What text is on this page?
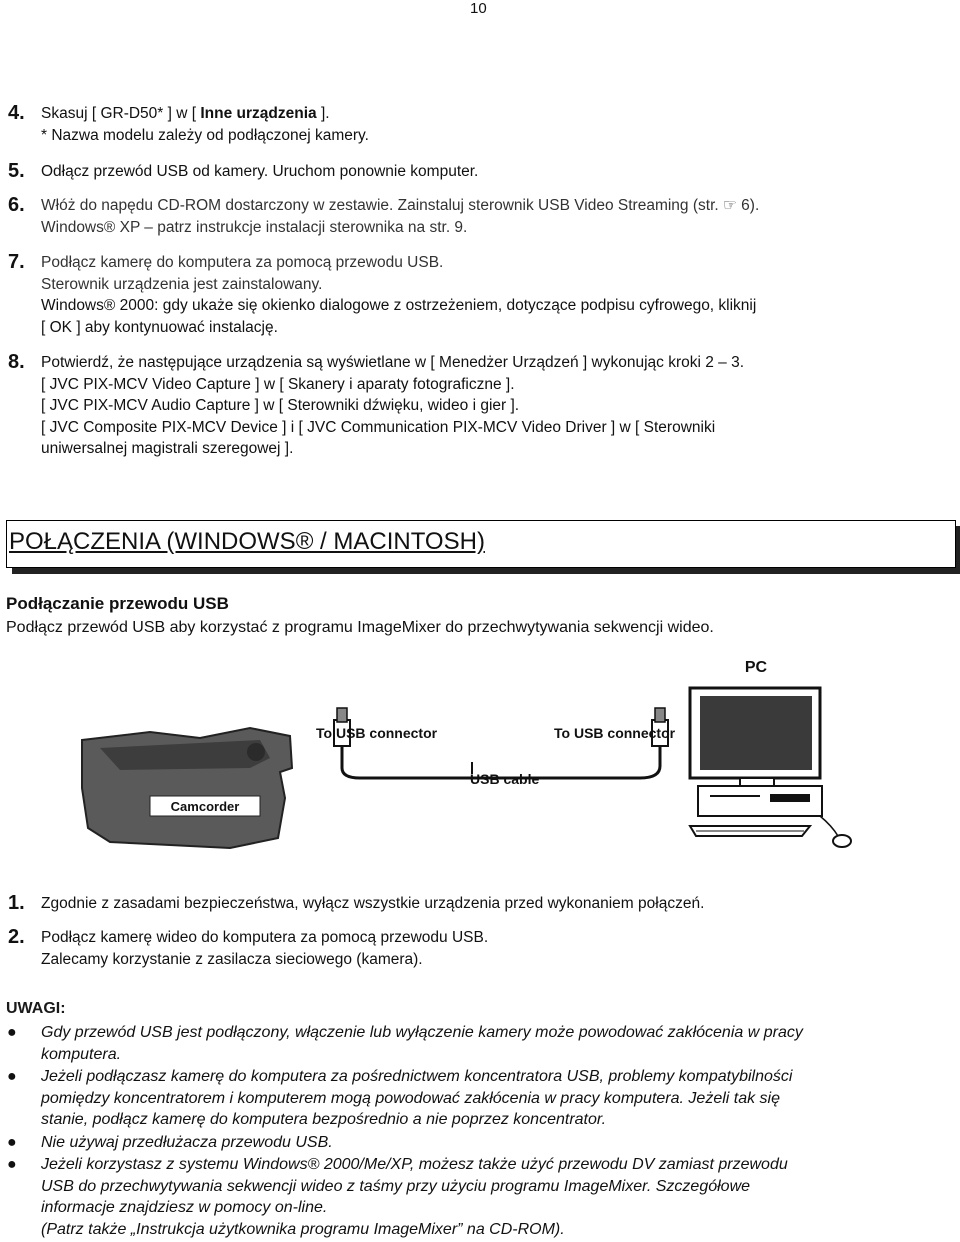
10
4. Skasuj [ GR-D50* ] w [ Inne urządzenia ].
* Nazwa modelu zależy od podłączonej kamery.
5. Odłącz przewód USB od kamery. Uruchom ponownie komputer.
6. Włóż do napędu CD-ROM dostarczony w zestawie. Zainstaluj sterownik USB Video Streaming (str. ☞ 6).
Windows® XP – patrz instrukcje instalacji sterownika na str. 9.
7. Podłącz kamerę do komputera za pomocą przewodu USB.
Sterownik urządzenia jest zainstalowany.
Windows® 2000: gdy ukaże się okienko dialogowe z ostrzeżeniem, dotyczące podpisu cyfrowego, kliknij
[ OK ] aby kontynuować instalację.
8. Potwierdź, że następujące urządzenia są wyświetlane w [ Menedżer Urządzeń ] wykonując kroki 2 – 3.
[ JVC PIX-MCV Video Capture ] w [ Skanery i aparaty fotograficzne ].
[ JVC PIX-MCV Audio Capture ] w [ Sterowniki dźwięku, wideo i gier ].
[ JVC Composite PIX-MCV Device ] i [ JVC Communication PIX-MCV Video Driver ] w [ Sterowniki
uniwersalnej magistrali szeregowej ].
POŁĄCZENIA (WINDOWS® / MACINTOSH)
Podłączanie przewodu USB
Podłącz przewód USB aby korzystać z programu ImageMixer do przechwytywania sekwencji wideo.
Camcorder
To USB connector	To USB connector
USB cable
PC
1. Zgodnie z zasadami bezpieczeństwa, wyłącz wszystkie urządzenia przed wykonaniem połączeń.
2. Podłącz kamerę wideo do komputera za pomocą przewodu USB.
Zalecamy korzystanie z zasilacza sieciowego (kamera).
UWAGI:
● Gdy przewód USB jest podłączony, włączenie lub wyłączenie kamery może powodować zakłócenia w pracy
komputera.
● Jeżeli podłączasz kamerę do komputera za pośrednictwem koncentratora USB, problemy kompatybilności
pomiędzy koncentratorem i komputerem mogą powodować zakłócenia w pracy komputera. Jeżeli tak się
stanie, podłącz kamerę do komputera bezpośrednio a nie poprzez koncentrator.
● Nie używaj przedłużacza przewodu USB.
● Jeżeli korzystasz z systemu Windows® 2000/Me/XP, możesz także użyć przewodu DV zamiast przewodu
USB do przechwytywania sekwencji wideo z taśmy przy użyciu programu ImageMixer. Szczegółowe
informacje znajdziesz w pomocy on-line.
(Patrz także „Instrukcja użytkownika programu ImageMixer” na CD-ROM).
